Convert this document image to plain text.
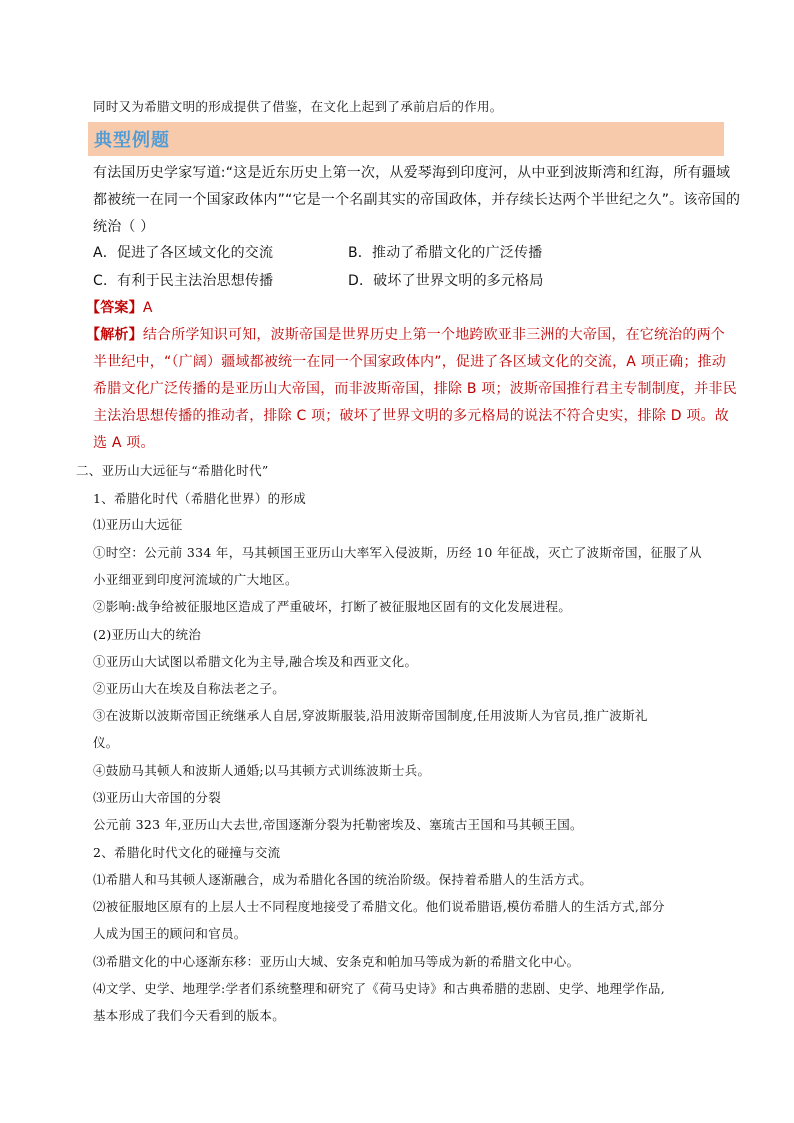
同时又为希腊文明的形成提供了借鉴，在文化上起到了承前启后的作用。
典型例题
有法国历史学家写道:“这是近东历史上第一次，从爱琴海到印度河，从中亚到波斯湾和红海，所有疆域
都被统一在同一个国家政体内”“它是一个名副其实的帝国政体，并存续长达两个半世纪之久”。该帝国的
统治（ ）
A．促进了各区域文化的交流	B．推动了希腊文化的广泛传播
C．有利于民主法治思想传播	D．破坏了世界文明的多元格局
【答案】A
【解析】结合所学知识可知，波斯帝国是世界历史上第一个地跨欧亚非三洲的大帝国，在它统治的两个
半世纪中，“（广阔）疆域都被统一在同一个国家政体内”，促进了各区域文化的交流，A 项正确；推动
希腊文化广泛传播的是亚历山大帝国，而非波斯帝国，排除 B 项；波斯帝国推行君主专制制度，并非民
主法治思想传播的推动者，排除 C 项；破坏了世界文明的多元格局的说法不符合史实，排除 D 项。故
选 A 项。
二、亚历山大远征与“希腊化时代”
1、希腊化时代（希腊化世界）的形成
⑴亚历山大远征
①时空：公元前 334 年，马其顿国王亚历山大率军入侵波斯，历经 10 年征战，灭亡了波斯帝国，征服了从
小亚细亚到印度河流域的广大地区。
②影响:战争给被征服地区造成了严重破坏，打断了被征服地区固有的文化发展进程。
(2)亚历山大的统治
①亚历山大试图以希腊文化为主导,融合埃及和西亚文化。
②亚历山大在埃及自称法老之子。
③在波斯以波斯帝国正统继承人自居,穿波斯服装,沿用波斯帝国制度,任用波斯人为官员,推广波斯礼
仪。
④鼓励马其顿人和波斯人通婚;以马其顿方式训练波斯士兵。
⑶亚历山大帝国的分裂
公元前 323 年,亚历山大去世,帝国逐渐分裂为托勒密埃及、塞琉古王国和马其顿王国。
2、希腊化时代文化的碰撞与交流
⑴希腊人和马其顿人逐渐融合，成为希腊化各国的统治阶级。保持着希腊人的生活方式。
⑵被征服地区原有的上层人士不同程度地接受了希腊文化。他们说希腊语,模仿希腊人的生活方式,部分
人成为国王的顾问和官员。
⑶希腊文化的中心逐渐东移：亚历山大城、安条克和帕加马等成为新的希腊文化中心。
⑷文学、史学、地理学:学者们系统整理和研究了《荷马史诗》和古典希腊的悲剧、史学、地理学作品,
基本形成了我们今天看到的版本。
